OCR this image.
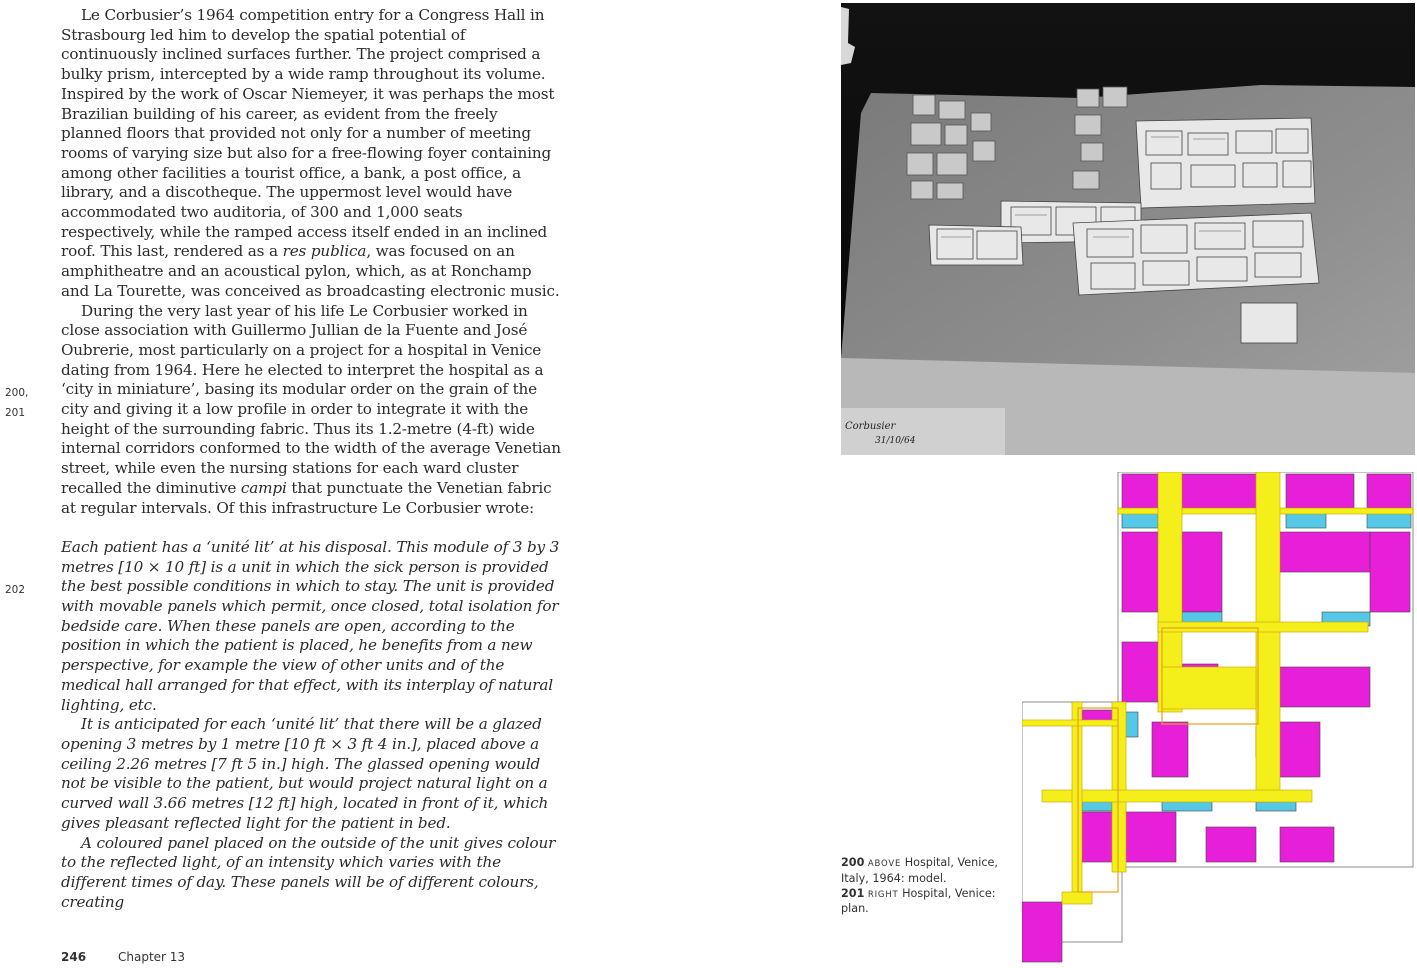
Le Corbusier’s 1964 competition entry for a Congress Hall in Strasbourg led him to develop the spatial potential of continuously inclined surfaces further. The project comprised a bulky prism, intercepted by a wide ramp throughout its volume. Inspired by the work of Oscar Niemeyer, it was perhaps the most Brazilian building of his career, as evident from the freely planned floors that provided not only for a number of meeting rooms of varying size but also for a free-flowing foyer containing among other facilities a tourist office, a bank, a post office, a library, and a discotheque. The uppermost level would have accommodated two auditoria, of 300 and 1,000 seats respectively, while the ramped access itself ended in an inclined roof. This last, rendered as a res publica, was focused on an amphitheatre and an acoustical pylon, which, as at Ronchamp and La Tourette, was conceived as broadcasting electronic music.

During the very last year of his life Le Corbusier worked in close association with Guillermo Jullian de la Fuente and José Oubrerie, most particularly on a project for a hospital in Venice dating from 1964. Here he elected to interpret the hospital as a ‘city in miniature’, basing its modular order on the grain of the city and giving it a low profile in order to integrate it with the height of the surrounding fabric. Thus its 1.2-metre (4-ft) wide internal corridors conformed to the width of the average Venetian street, while even the nursing stations for each ward cluster recalled the diminutive campi that punctuate the Venetian fabric at regular intervals. Of this infrastructure Le Corbusier wrote:

Each patient has a ‘unité lit’ at his disposal. This module of 3 by 3 metres [10 × 10 ft] is a unit in which the sick person is provided the best possible conditions in which to stay. The unit is provided with movable panels which permit, once closed, total isolation for bedside care. When these panels are open, according to the position in which the patient is placed, he benefits from a new perspective, for example the view of other units and of the medical hall arranged for that effect, with its interplay of natural lighting, etc.

It is anticipated for each ‘unité lit’ that there will be a glazed opening 3 metres by 1 metre [10 ft × 3 ft 4 in.], placed above a ceiling 2.26 metres [7 ft 5 in.] high. The glassed opening would not be visible to the patient, but would project natural light on a curved wall 3.66 metres [12 ft] high, located in front of it, which gives pleasant reflected light for the patient in bed.

A coloured panel placed on the outside of the unit gives colour to the reflected light, of an intensity which varies with the different times of day. These panels will be of different colours, creating

200,
201
202
246	Chapter 13
Corbusier
31/10/64
200 ABOVE Hospital, Venice, Italy, 1964: model.
201 RIGHT Hospital, Venice: plan.
